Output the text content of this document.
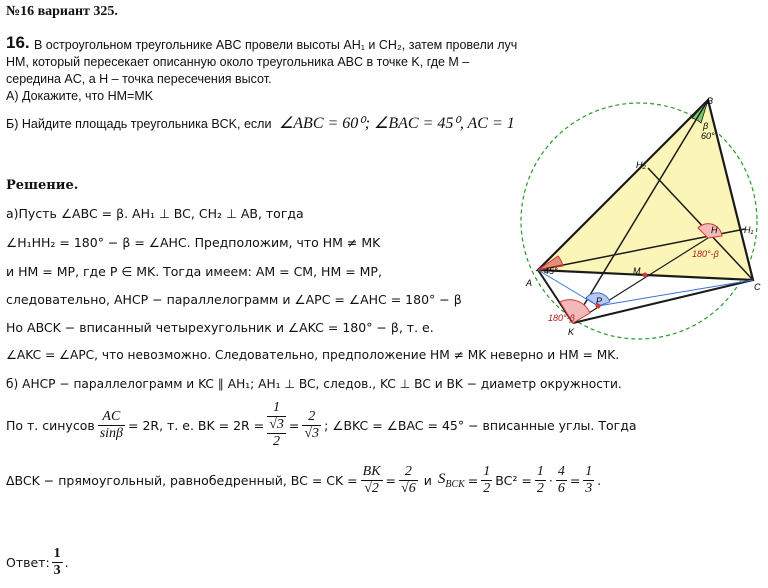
№16 вариант 325.
16. В остроугольном треугольнике ABC провели высоты AH₁ и CH₂, затем провели луч
HM, который пересекает описанную около треугольника ABC в точке K, где M –
середина AC, а H – точка пересечения высот.
А) Докажите, что HM=MK
Б) Найдите площадь треугольника BCK, если ∠ABC = 60⁰; ∠BAC = 45⁰, AC = 1
Решение.
а)Пусть ∠ABC = β. AH₁ ⊥ BC, CH₂ ⊥ AB, тогда
∠H₁HH₂ = 180° − β = ∠AHC. Предположим, что HM ≠ MK
и HM = MP, где P ∈ MK. Тогда имеем: AM = CM, HM = MP,
следовательно, AHCP − параллелограмм и ∠APC = ∠AHC = 180° − β
Но ABCK − вписанный четырехугольник и ∠AKC = 180° − β, т. е.
∠AKC = ∠APC, что невозможно. Следовательно, предположение HM ≠ MK неверно и HM = MK.
б) AHCP − параллелограмм и KC ∥ AH₁; AH₁ ⊥ BC, следов., KC ⊥ BC и BK − диаметр окружности.
По т. синусов $\frac{AC}{\sin\beta} = 2R$, т. е. BK = 2R =
1
√3
2
= $\frac{2}{√3}$ ; ∠BKC = ∠BAC = 45° − вписанные углы. Тогда
ΔBCK − прямоугольный, равнобедренный, BC = CK = $\frac{BK}{√2} = \frac{2}{√6}$ и $S_{BCK} = \frac{1}{2} BC^2 = \frac{1}{2} \cdot \frac{4}{6} = \frac{1}{3}$ .
Ответ: $\frac{1}{3}$ .
B
60°
β
A	C
H	H₁
H₂
M
K
P
45°
180°-β
180°-β
